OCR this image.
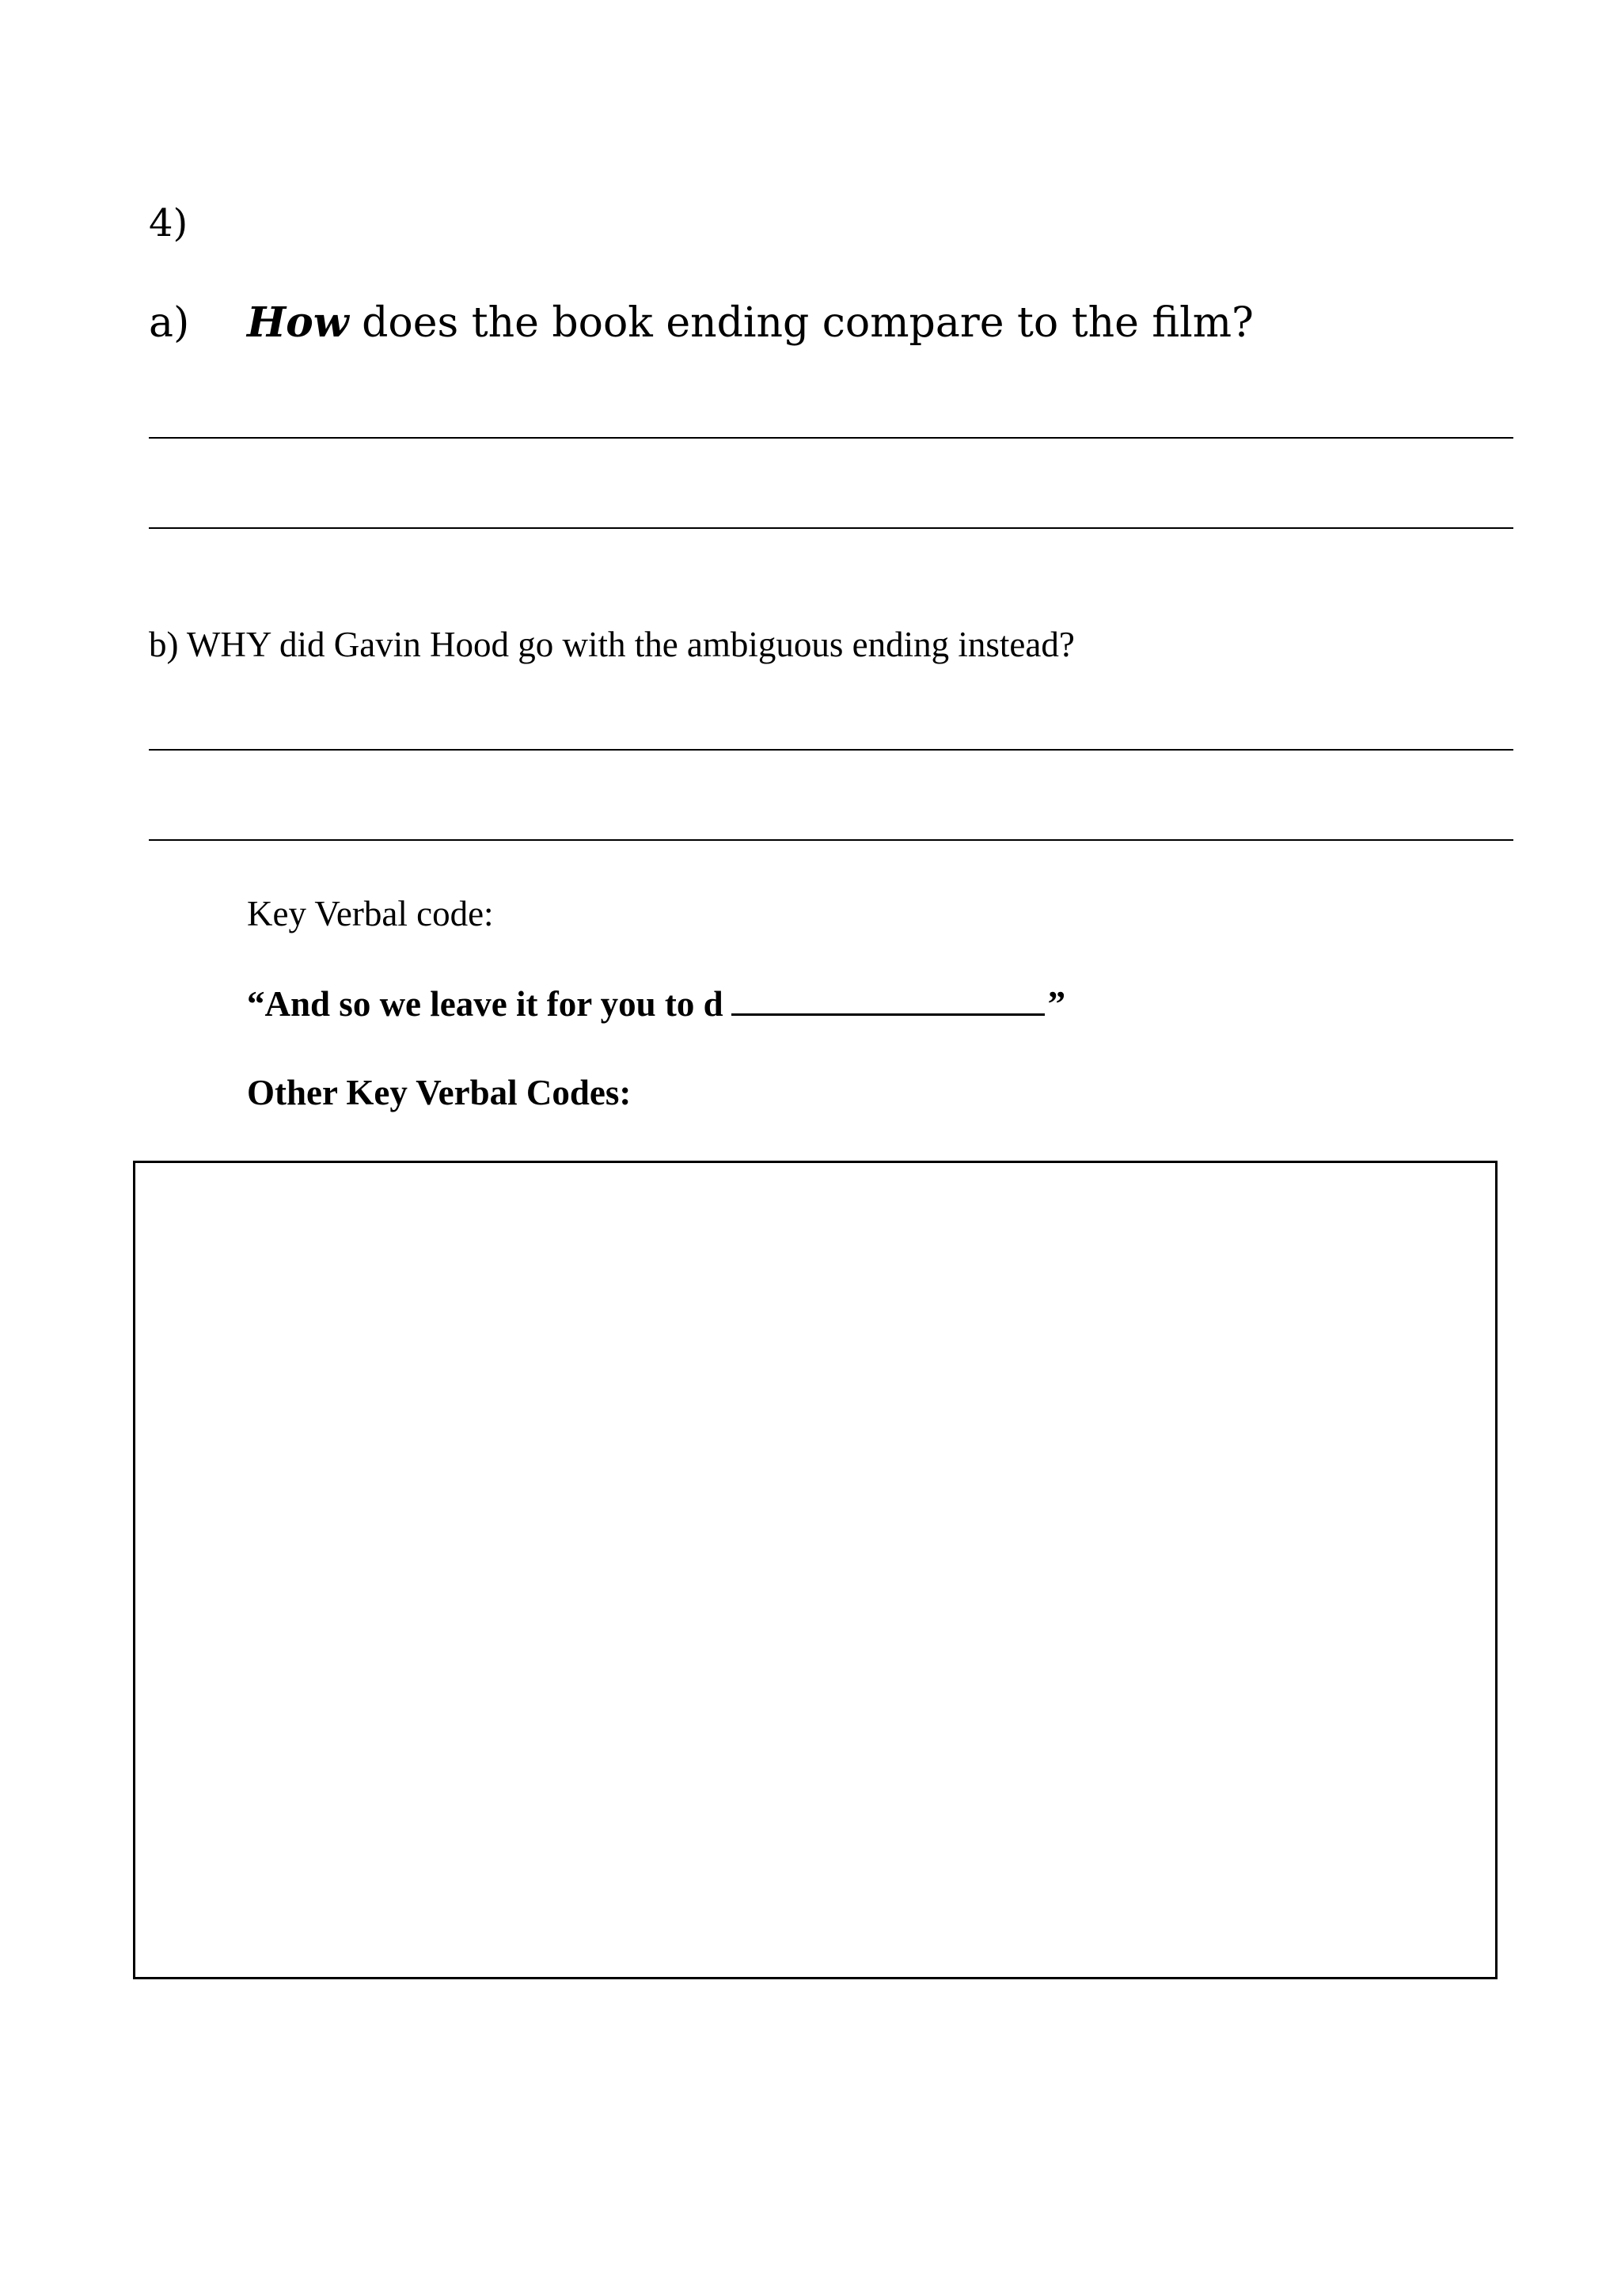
4)
a) How does the book ending compare to the film?
b) WHY did Gavin Hood go with the ambiguous ending instead?
Key Verbal code:
“And so we leave it for you to d	”
Other Key Verbal Codes:
